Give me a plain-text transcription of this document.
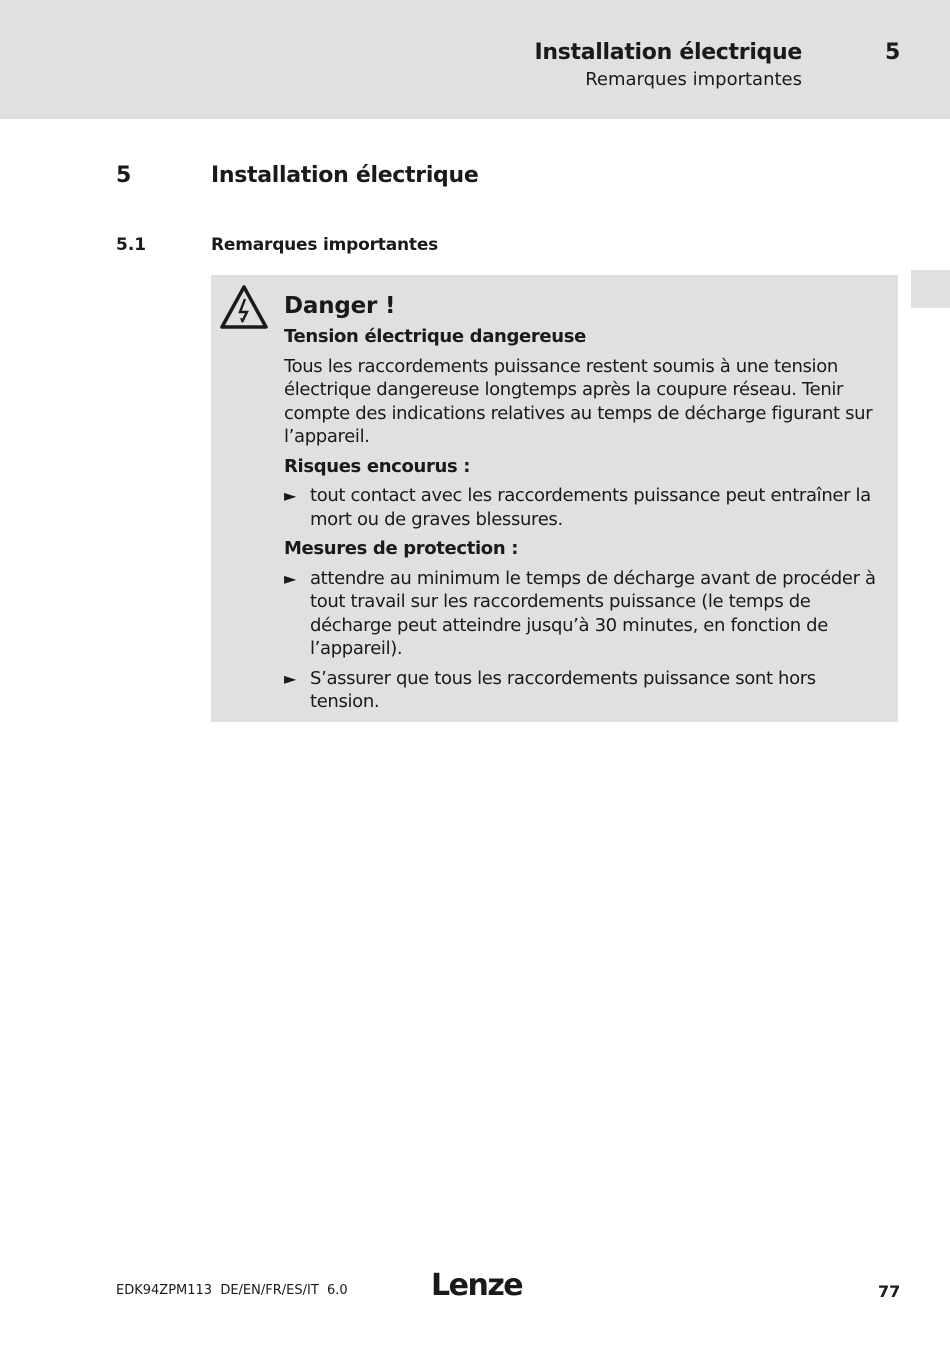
Installation électrique
Remarques importantes
5
5	Installation électrique
5.1	Remarques importantes
Danger !
Tension électrique dangereuse
Tous les raccordements puissance restent soumis à une tension électrique dangereuse longtemps après la coupure réseau. Tenir compte des indications relatives au temps de décharge figurant sur l’appareil.
Risques encourus :
► tout contact avec les raccordements puissance peut entraîner la mort ou de graves blessures.
Mesures de protection :
► attendre au minimum le temps de décharge avant de procéder à tout travail sur les raccordements puissance (le temps de décharge peut atteindre jusqu’à 30 minutes, en fonction de l’appareil).
► S’assurer que tous les raccordements puissance sont hors tension.
EDK94ZPM113  DE/EN/FR/ES/IT  6.0	Lenze	77
